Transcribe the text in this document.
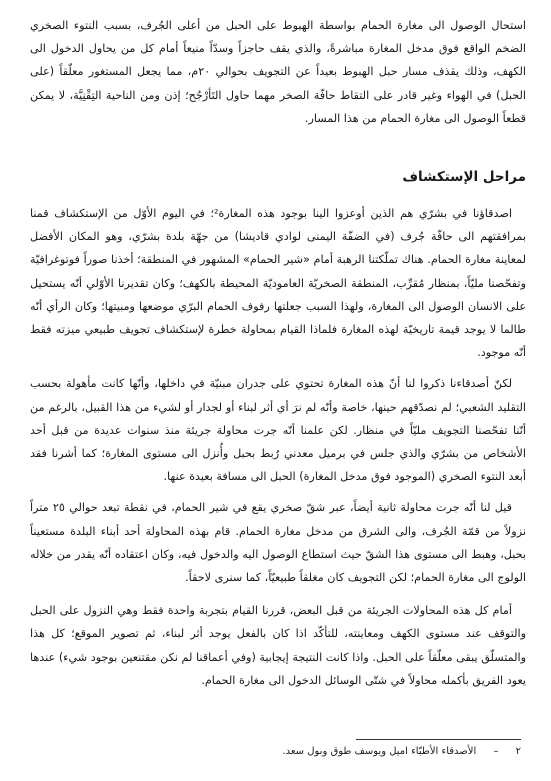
استحال الوصول الى مغارة الحمام بواسطة الهبوط على الحبل من أعلى الجُرف، بسبب النتوء الصخري الضخم الواقع فوق مدخل المغارة مباشرةً، والذي يقف حاجزاً وسدّاً منيعاً أمام كل من يحاول الدخول الى الكهف، وذلك يقذف مسار حبل الهبوط بعيداً عن التجويف بحوالي ٢٠م، مما يجعل المستغور معلّقاً (على الحبل) في الهواء وغير قادر على التقاط حافّة الصخر مهما حاول التَأرْجُح؛ إذن ومن الناحية التِقْنِيَّة، لا يمكن قطعاً الوصول الى مغارة الحمام من هذا المسار.

مراحل الإستكشاف

اصدقاؤنا في بشرّي هم الذين أوعزوا الينا بوجود هذه المغارة²؛ في اليوم الأوّل من الإستكشاف قمنا بمرافقتهم الى حافّة جُرف (في الضفّة اليمنى لوادي قاديشا) من جهّة بلدة بشرّي، وهو المكان الأفضل لمعاينة مغارة الحمام. هناك تملّكتنا الرهبة أمام «شير الحمام» المشهور في المنطقة؛ أخذنا صوراً فوتوغرافيّة وتفحّصنا مليّاً، بمنظار مُقرِّب، المنطقة الصخريّة العاموديّة المحيطة بالكهف؛ وكان تقديرنا الأوّلي أنّه يستحيل على الانسان الوصول الى المغارة، ولهذا السبب جعلتها رفوف الحمام البرّي موضعها ومبيتها؛ وكان الرأي أنّه طالما لا يوجد قيمة تاريخيّة لهذه المغارة فلماذا القيام بمحاولة خطرة لإستكشاف تجويف طبيعي ميزته فقط أنّه موجود.

لكنّ أصدقاءنا ذكروا لنا أنّ هذه المغارة تحتوي على جدران مبنيّة في داخلها، وأنّها كانت مأهولة بحسب التقليد الشعبي؛ لم نصدّقهم حينها، خاصة وأنّه لم نرَ أي أثر لبناء أو لجدار أو لشيء من هذا القبيل، بالرغم من أنّنا تفحّصنا التجويف مليّاً في منظار. لكن علمنا أنّه جرت محاولة جريئة منذ سنوات عديدة من قبل أحد الأشخاص من بشرّي والذي جلس في برميل معدني رُبط بحبل وأُنزل الى مستوى المغارة؛ كما أشرنا فقد أبعد النتوء الصخري (الموجود فوق مدخل المغارة) الحبل الى مسافة بعيدة عنها.

قيل لنا أنّه جرت محاولة ثانية أيضاً، عبر شقّ صخري يقع في شير الحمام، في نقطة تبعد حوالي ٢٥ متراً نزولاً من قمّة الجُرف، والى الشرق من مدخل مغارة الحمام. قام بهذه المحاولة أحد أبناء البلدة مستعيناً بحبل، وهبط الى مستوى هذا الشقّ حيث استطاع الوصول اليه والدخول فيه، وكان اعتقاده أنّه يقدر من خلاله الولوج الى مغارة الحمام؛ لكن التجويف كان مغلقاً طبيعيّاً، كما سنرى لاحقاً.

أمام كل هذه المحاولات الجريئة من قبل البعض، قررنا القيام بتجربة واحدة فقط وهي النزول على الحبل والتوقف عند مستوى الكهف ومعاينته، للتأكّد اذا كان بالفعل يوجد أثر لبناء، ثم تصوير الموقع؛ كل هذا والمتسلّق يبقى معلّقاً على الحبل. واذا كانت النتيجة إيجابية (وفي أعماقنا لم نكن مقتنعين بوجود شيء) عندها يعود الفريق بأكمله محاولاً في شتّى الوسائل الدخول الى مغارة الحمام.

٢ – الأصدقاء الأطبّاء اميل ويوسف طوق وبول سعد.
